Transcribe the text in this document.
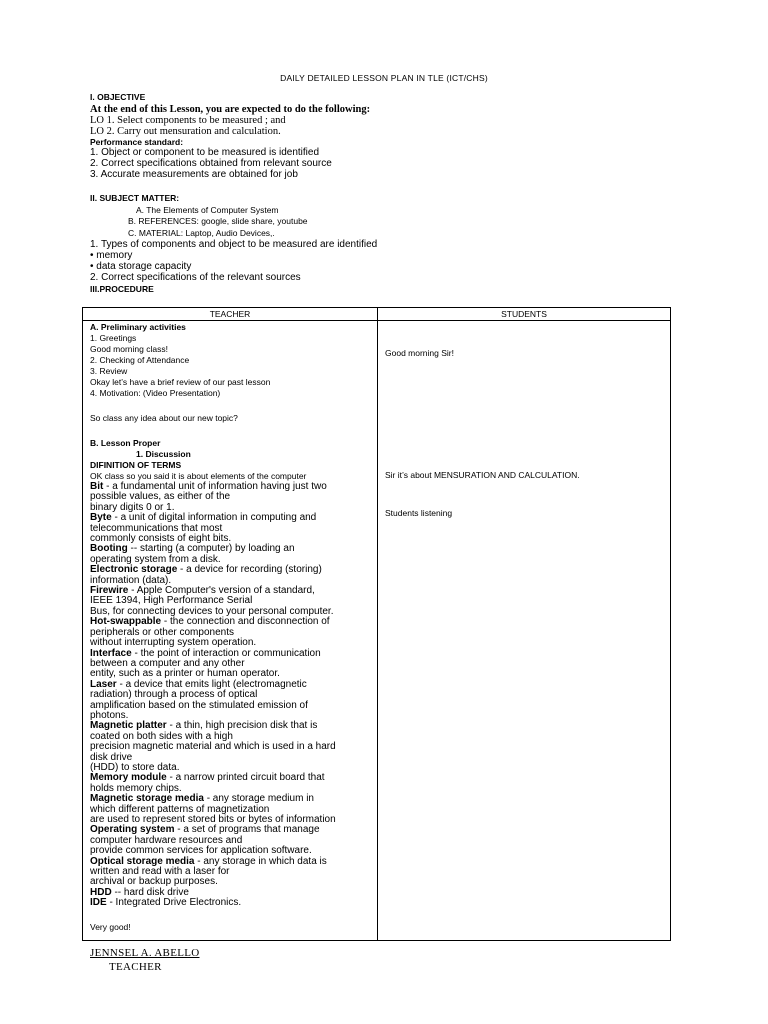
DAILY DETAILED LESSON PLAN IN TLE (ICT/CHS)
I. OBJECTIVE
At the end of this Lesson, you are expected to do the following:
LO 1. Select components to be measured ; and
LO 2. Carry out mensuration and calculation.
Performance standard:
1. Object or component to be measured is identified
2. Correct specifications obtained from relevant source
3. Accurate measurements are obtained for job
II. SUBJECT MATTER:
A. The Elements of Computer System
B. REFERENCES: google, slide share, youtube
C. MATERIAL: Laptop, Audio Devices,.
1. Types of components and object to be measured are identified
• memory
• data storage capacity
2. Correct specifications of the relevant sources
III.PROCEDURE
TEACHER	STUDENTS
A. Preliminary activities
1. Greetings
Good morning class!
2. Checking of Attendance
3. Review
Okay let’s have a brief review of our past lesson
4. Motivation: (Video Presentation)
So class any idea about our new topic?
B. Lesson Proper
1. Discussion
DIFINITION OF TERMS
OK class so you said it is about elements of the computer
Bit - a fundamental unit of information having just two
possible values, as either of the
binary digits 0 or 1.
Byte - a unit of digital information in computing and
telecommunications that most
commonly consists of eight bits.
Booting -- starting (a computer) by loading an
operating system from a disk.
Electronic storage - a device for recording (storing)
information (data).
Firewire - Apple Computer's version of a standard,
IEEE 1394, High Performance Serial
Bus, for connecting devices to your personal computer.
Hot-swappable - the connection and disconnection of
peripherals or other components
without interrupting system operation.
Interface - the point of interaction or communication
between a computer and any other
entity, such as a printer or human operator.
Laser - a device that emits light (electromagnetic
radiation) through a process of optical
amplification based on the stimulated emission of
photons.
Magnetic platter - a thin, high precision disk that is
coated on both sides with a high
precision magnetic material and which is used in a hard
disk drive
(HDD) to store data.
Memory module - a narrow printed circuit board that
holds memory chips.
Magnetic storage media - any storage medium in
which different patterns of magnetization
are used to represent stored bits or bytes of information
Operating system - a set of programs that manage
computer hardware resources and
provide common services for application software.
Optical storage media - any storage in which data is
written and read with a laser for
archival or backup purposes.
HDD -- hard disk drive
IDE - Integrated Drive Electronics.
Very good!
Good morning Sir!
Sir it’s about MENSURATION AND CALCULATION.
Students listening
JENNSEL A. ABELLO
TEACHER
